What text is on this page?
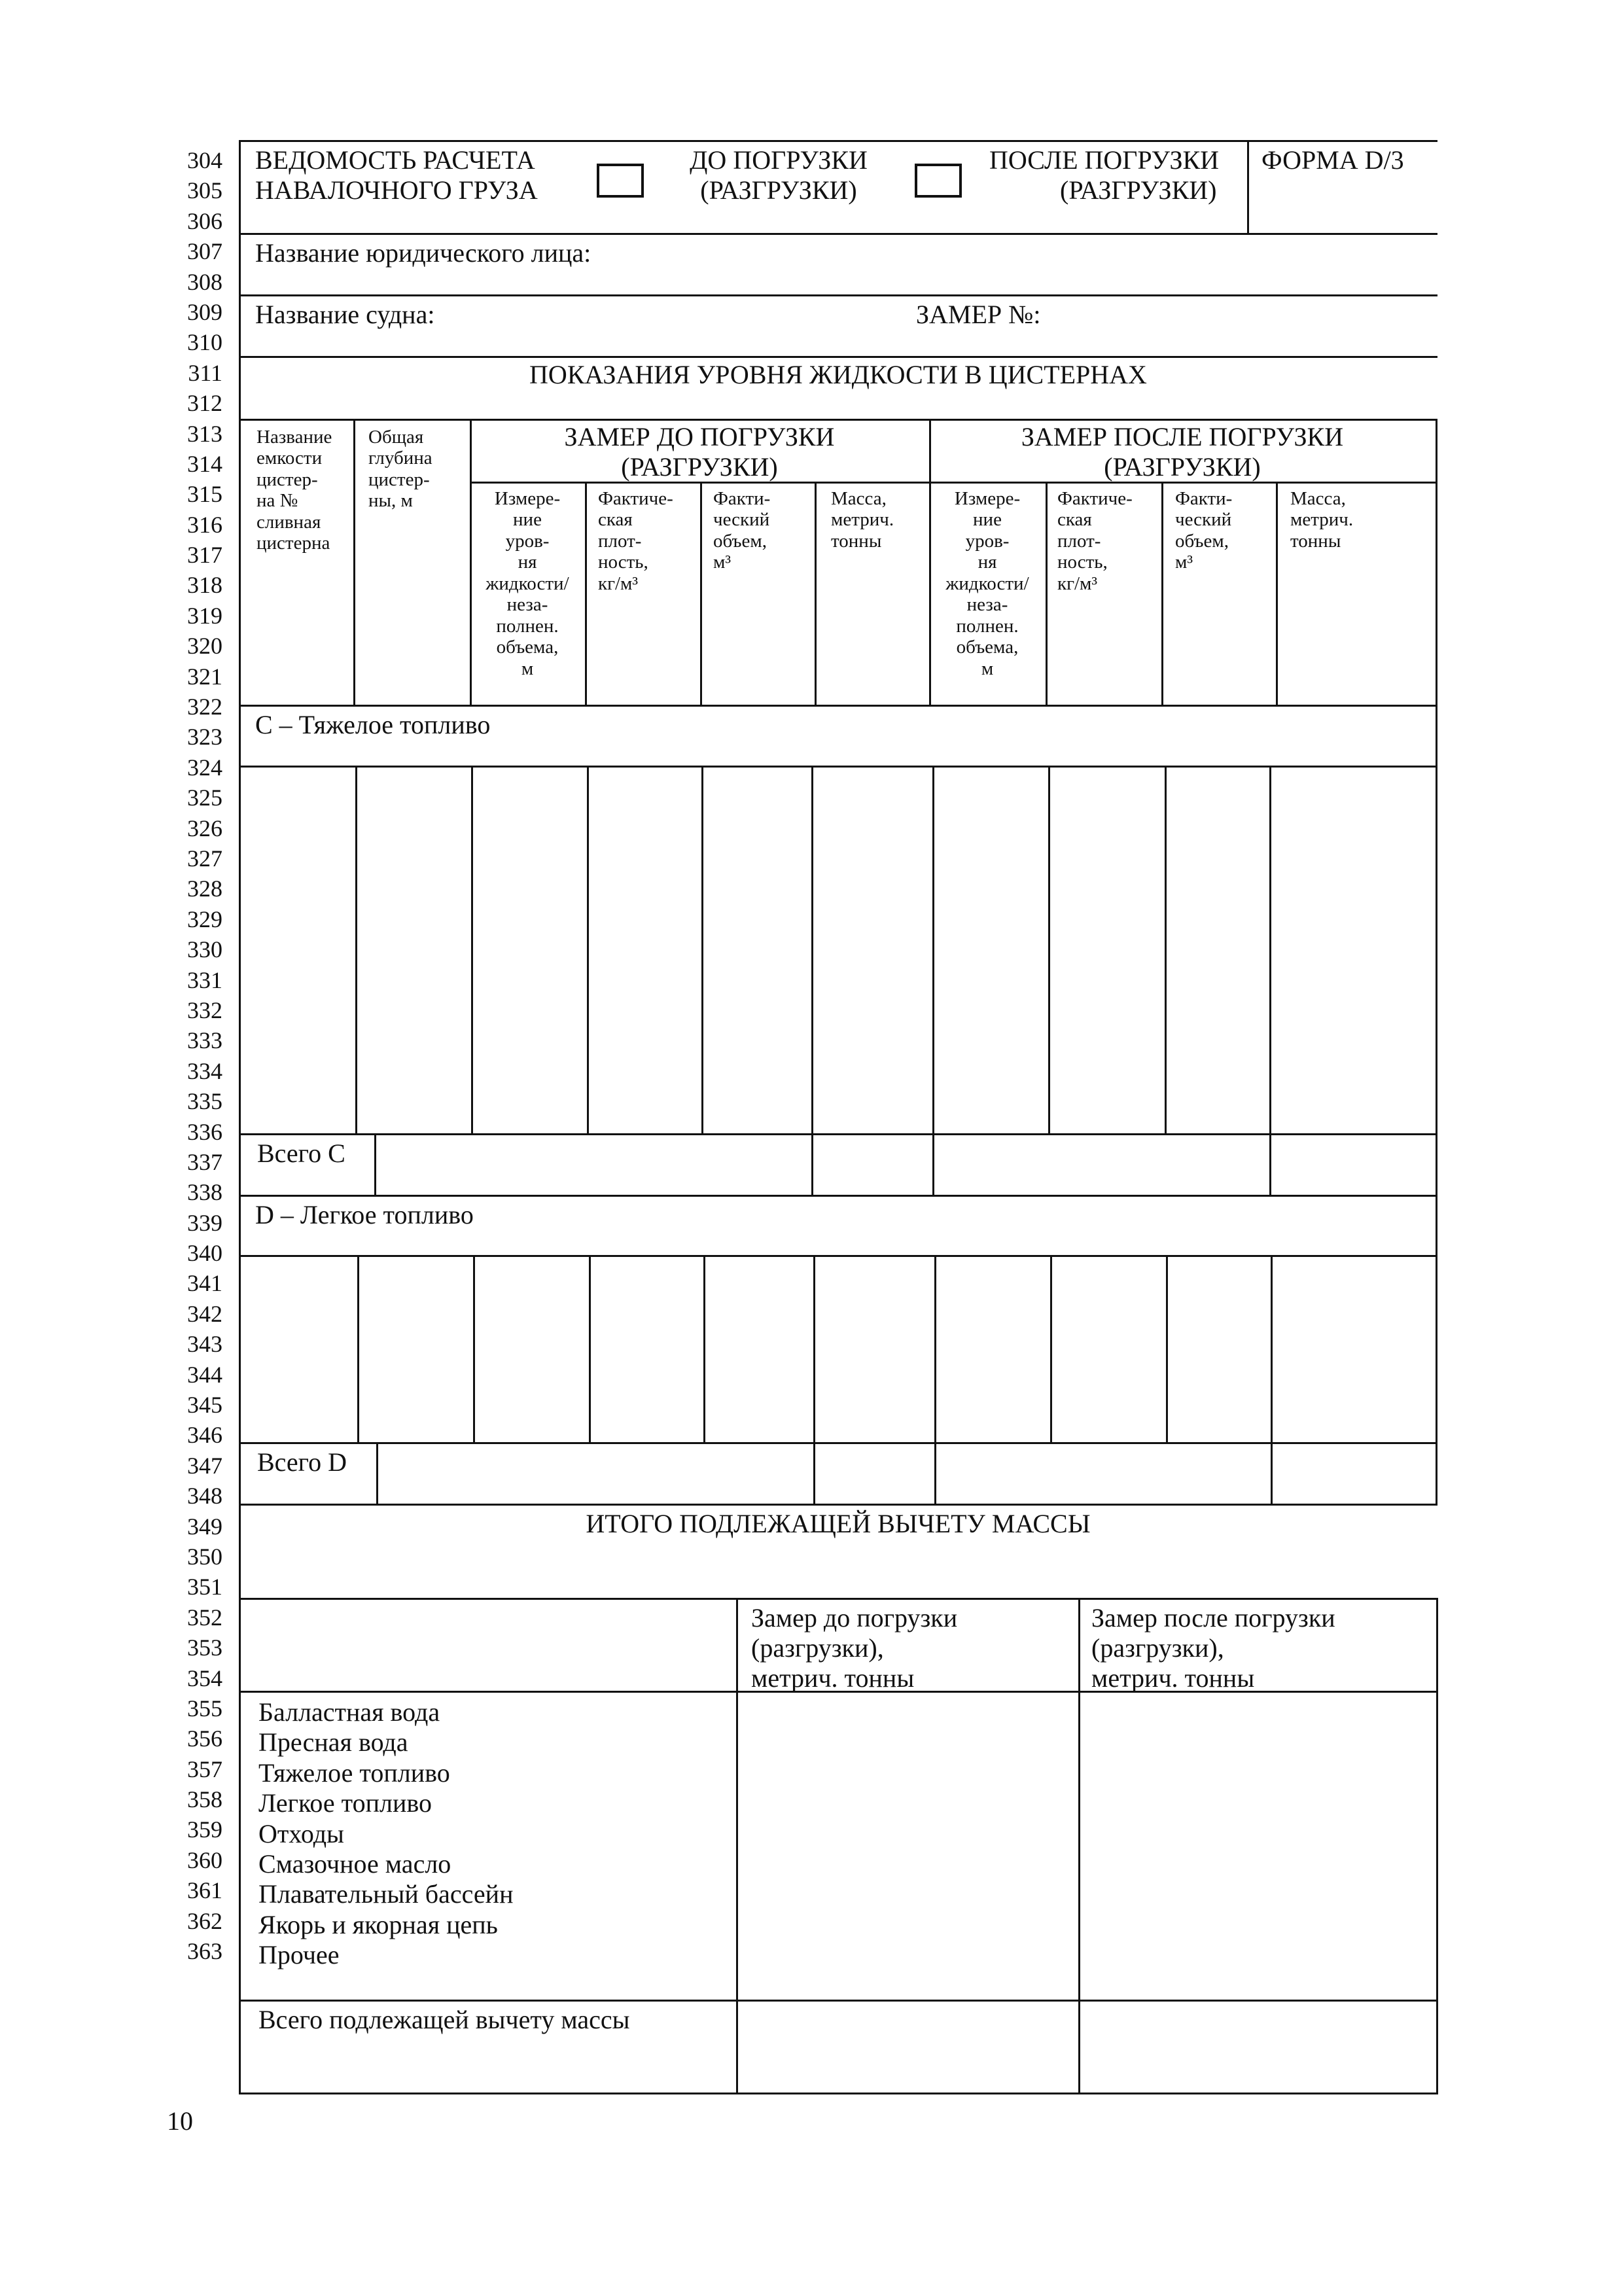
304
305
306
307
308
309
310
311
312
313
314
315
316
317
318
319
320
321
322
323
324
325
326
327
328
329
330
331
332
333
334
335
336
337
338
339
340
341
342
343
344
345
346
347
348
349
350
351
352
353
354
355
356
357
358
359
360
361
362
363
ВЕДОМОСТЬ РАСЧЕТА
НАВАЛОЧНОГО ГРУЗА
ДО ПОГРУЗКИ
(РАЗГРУЗКИ)
ПОСЛЕ ПОГРУЗКИ
(РАЗГРУЗКИ)
ФОРМА D/3
Название юридического лица:
Название судна:	ЗАМЕР №:
ПОКАЗАНИЯ УРОВНЯ ЖИДКОСТИ В ЦИСТЕРНАХ
Название
емкости
цистер-
на №
сливная
цистерна
Общая
глубина
цистер-
ны, м
ЗАМЕР ДО ПОГРУЗКИ
(РАЗГРУЗКИ)
ЗАМЕР ПОСЛЕ ПОГРУЗКИ
(РАЗГРУЗКИ)
Измере-
ние
уров-
ня
жидкости/
неза-
полнен.
объема,
м
Фактиче-
ская
плот-
ность,
кг/м³
Факти-
ческий
объем,
м³
Масса,
метрич.
тонны
Измере-
ние
уров-
ня
жидкости/
неза-
полнен.
объема,
м
Фактиче-
ская
плот-
ность,
кг/м³
Факти-
ческий
объем,
м³
Масса,
метрич.
тонны
С – Тяжелое топливо
Всего С
D – Легкое топливо
Всего D
ИТОГО ПОДЛЕЖАЩЕЙ ВЫЧЕТУ МАССЫ
Замер до погрузки
(разгрузки),
метрич. тонны
Замер после погрузки
(разгрузки),
метрич. тонны
Балластная вода
Пресная вода
Тяжелое топливо
Легкое топливо
Отходы
Смазочное масло
Плавательный бассейн
Якорь и якорная цепь
Прочее
Всего подлежащей вычету массы
10
